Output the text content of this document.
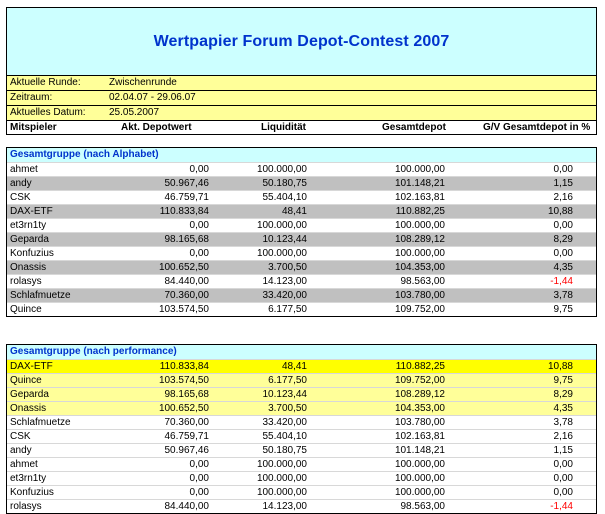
Wertpapier Forum Depot-Contest 2007
Aktuelle Runde:	Zwischenrunde
Zeitraum:	02.04.07 - 29.06.07
Aktuelles Datum: 25.05.2007
Mitspieler	Akt. Depotwert	Liquidität	Gesamtdepot	G/V Gesamtdepot in %
Gesamtgruppe (nach Alphabet)
ahmet	0,00	100.000,00	100.000,00	0,00
andy	50.967,46	50.180,75	101.148,21	1,15
CSK	46.759,71	55.404,10	102.163,81	2,16
DAX-ETF	110.833,84	48,41	110.882,25	10,88
et3rn1ty	0,00	100.000,00	100.000,00	0,00
Geparda	98.165,68	10.123,44	108.289,12	8,29
Konfuzius	0,00	100.000,00	100.000,00	0,00
Onassis	100.652,50	3.700,50	104.353,00	4,35
rolasys	84.440,00	14.123,00	98.563,00	-1,44
Schlafmuetze	70.360,00	33.420,00	103.780,00	3,78
Quince	103.574,50	6.177,50	109.752,00	9,75
Gesamtgruppe (nach performance)
DAX-ETF	110.833,84	48,41	110.882,25	10,88
Quince	103.574,50	6.177,50	109.752,00	9,75
Geparda	98.165,68	10.123,44	108.289,12	8,29
Onassis	100.652,50	3.700,50	104.353,00	4,35
Schlafmuetze	70.360,00	33.420,00	103.780,00	3,78
CSK	46.759,71	55.404,10	102.163,81	2,16
andy	50.967,46	50.180,75	101.148,21	1,15
ahmet	0,00	100.000,00	100.000,00	0,00
et3rn1ty	0,00	100.000,00	100.000,00	0,00
Konfuzius	0,00	100.000,00	100.000,00	0,00
rolasys	84.440,00	14.123,00	98.563,00	-1,44
